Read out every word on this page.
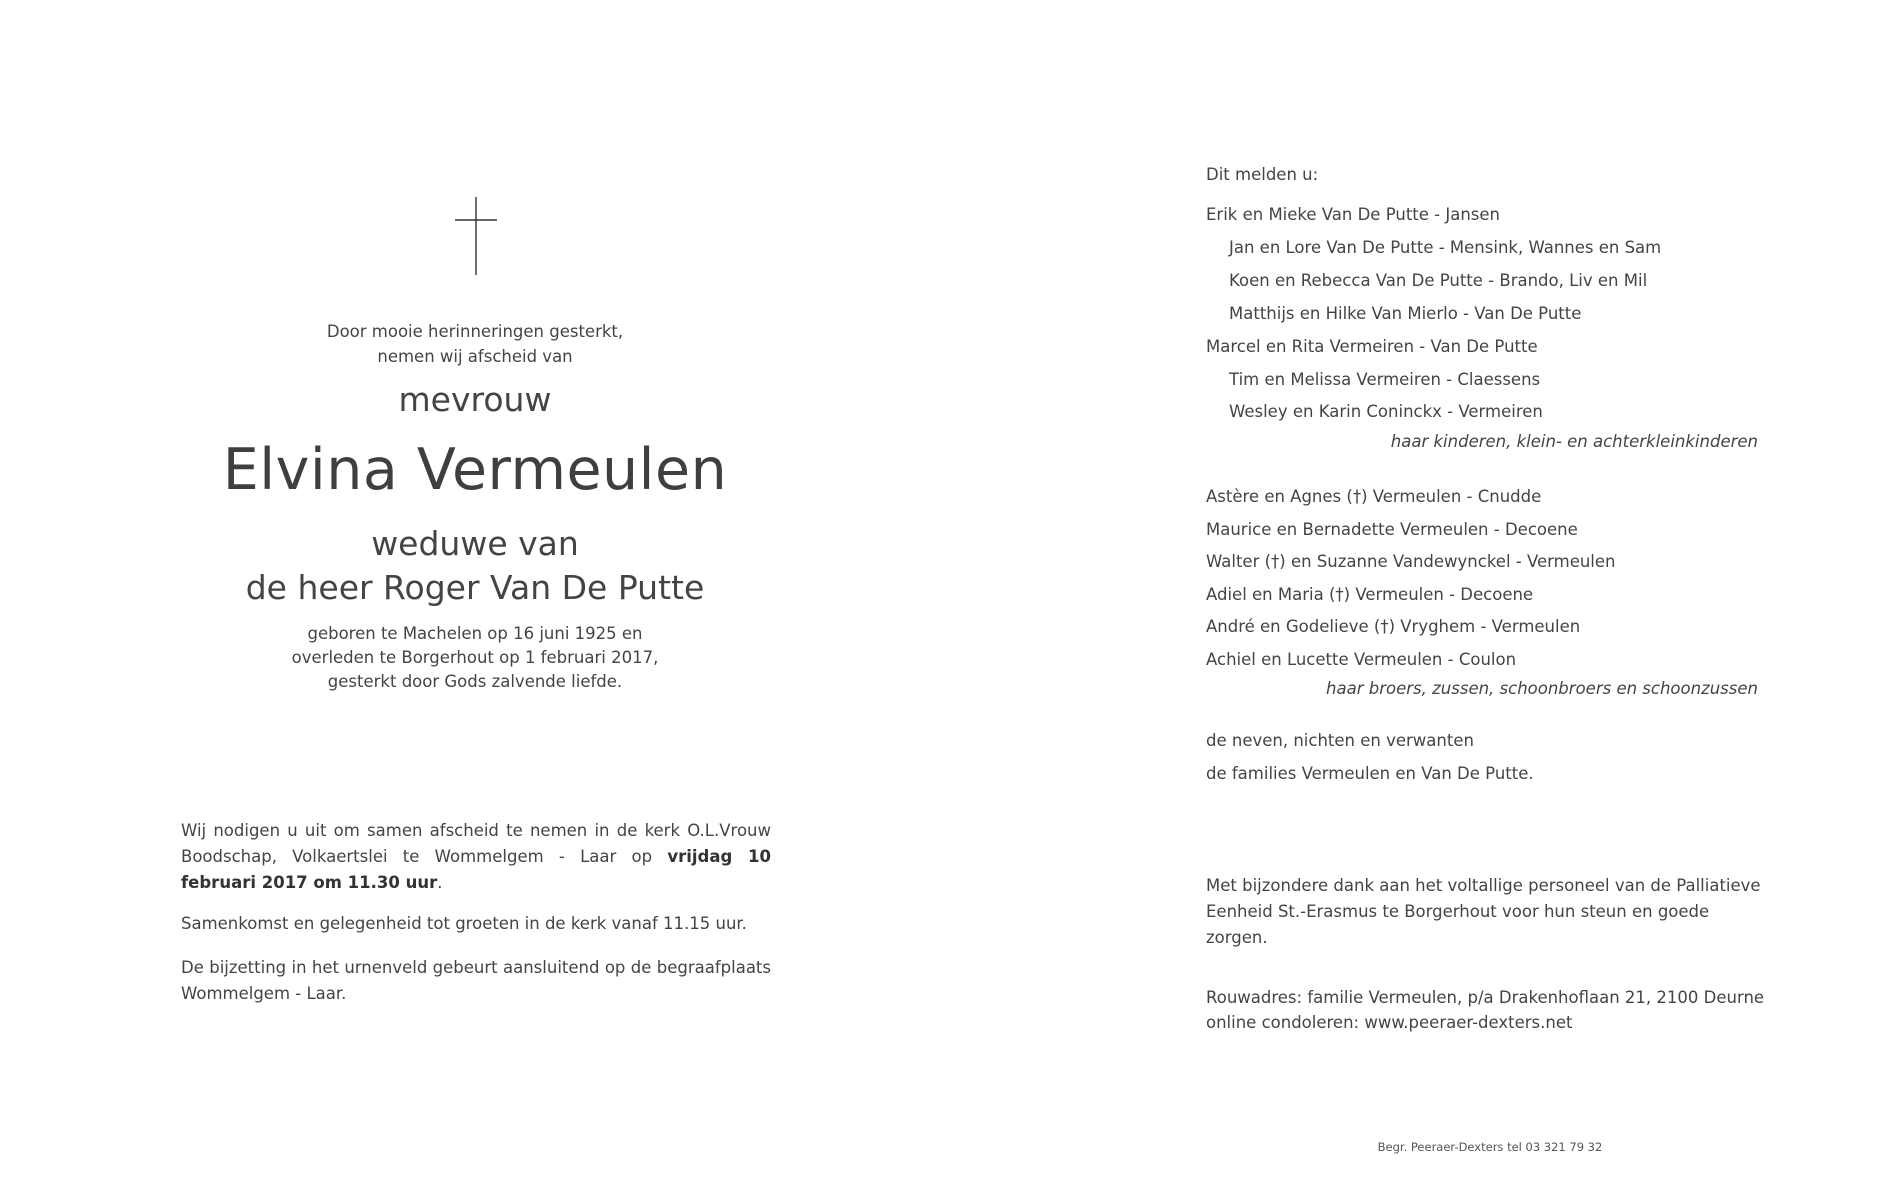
Door mooie herinneringen gesterkt,
nemen wij afscheid van
mevrouw
Elvina Vermeulen
weduwe van
de heer Roger Van De Putte
geboren te Machelen op 16 juni 1925 en
overleden te Borgerhout op 1 februari 2017,
gesterkt door Gods zalvende liefde.
Wij nodigen u uit om samen afscheid te nemen in de kerk O.L.Vrouw Boodschap, Volkaertslei te Wommelgem - Laar op vrijdag 10 februari 2017 om 11.30 uur.
Samenkomst en gelegenheid tot groeten in de kerk vanaf 11.15 uur.
De bijzetting in het urnenveld gebeurt aansluitend op de begraafplaats Wommelgem - Laar.
Dit melden u:
Erik en Mieke Van De Putte - Jansen
Jan en Lore Van De Putte - Mensink, Wannes en Sam
Koen en Rebecca Van De Putte - Brando, Liv en Mil
Matthijs en Hilke Van Mierlo - Van De Putte
Marcel en Rita Vermeiren - Van De Putte
Tim en Melissa Vermeiren - Claessens
Wesley en Karin Coninckx - Vermeiren
haar kinderen, klein- en achterkleinkinderen
Astère en Agnes (†) Vermeulen - Cnudde
Maurice en Bernadette Vermeulen - Decoene
Walter (†) en Suzanne Vandewynckel - Vermeulen
Adiel en Maria (†) Vermeulen - Decoene
André en Godelieve (†) Vryghem - Vermeulen
Achiel en Lucette Vermeulen - Coulon
haar broers, zussen, schoonbroers en schoonzussen
de neven, nichten en verwanten
de families Vermeulen en Van De Putte.
Met bijzondere dank aan het voltallige personeel van de Palliatieve Eenheid St.-Erasmus te Borgerhout voor hun steun en goede zorgen.
Rouwadres: familie Vermeulen, p/a Drakenhoflaan 21, 2100 Deurne
online condoleren: www.peeraer-dexters.net
Begr. Peeraer-Dexters tel 03 321 79 32
